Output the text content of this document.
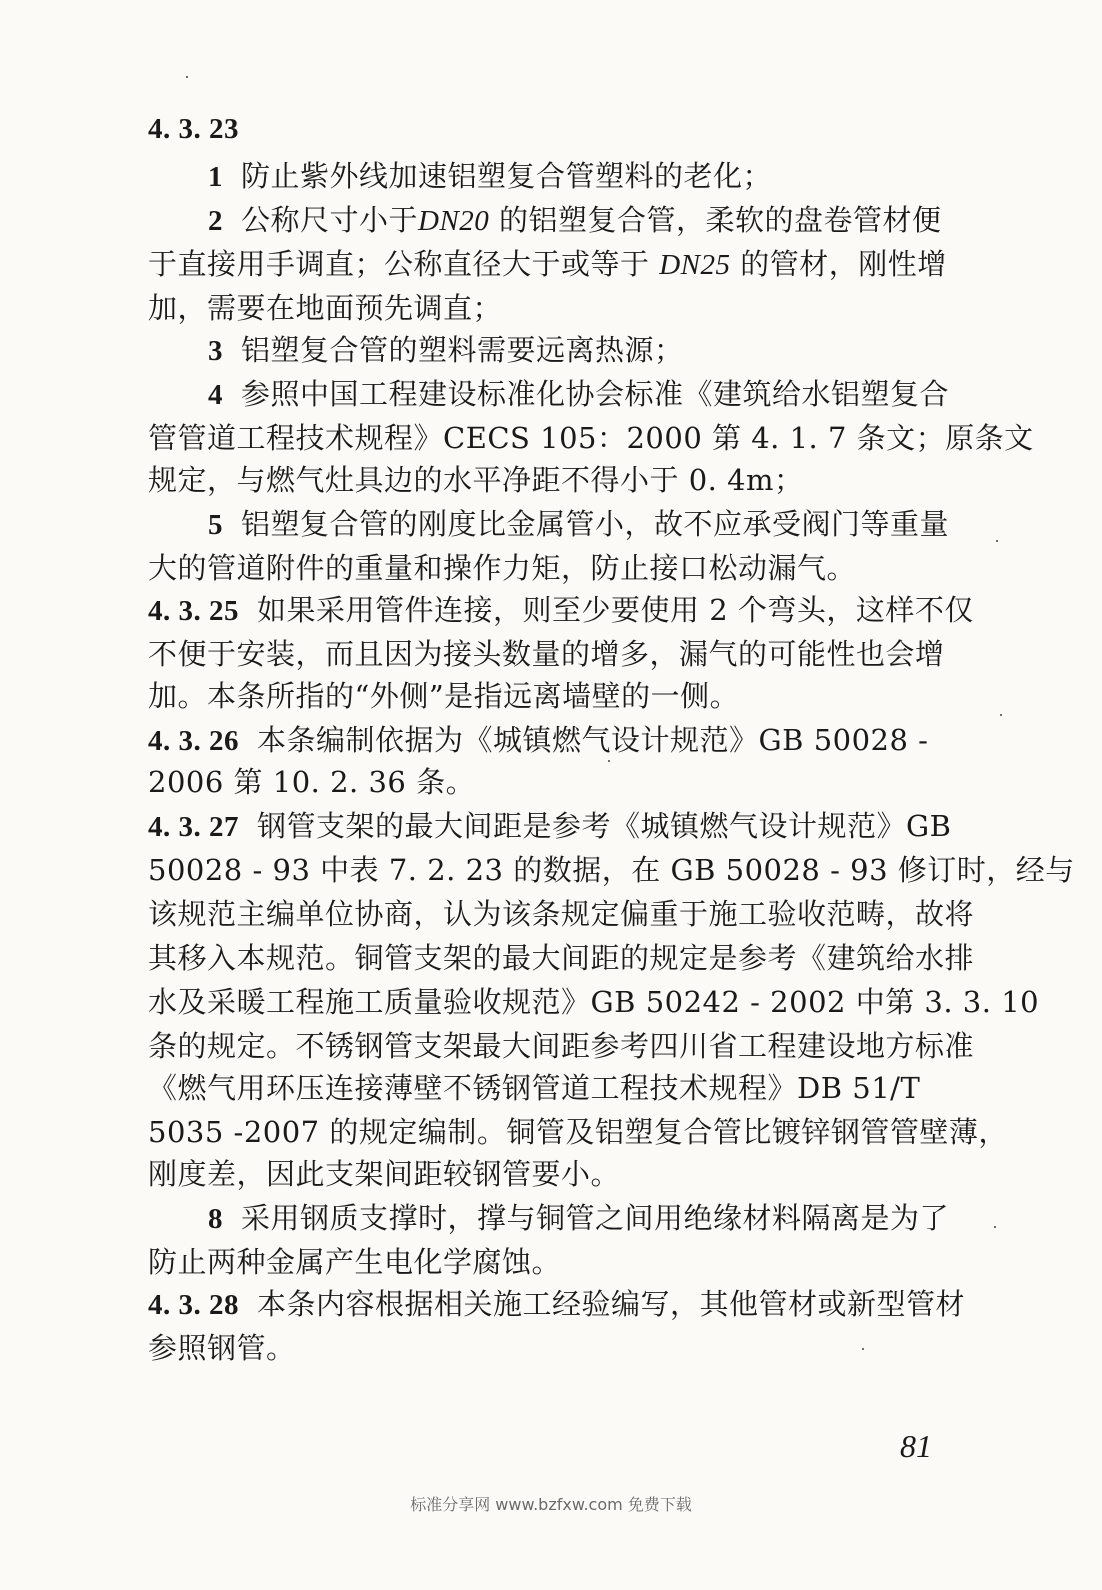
4. 3. 23
1 防止紫外线加速铝塑复合管塑料的老化；
2 公称尺寸小于DN20 的铝塑复合管，柔软的盘卷管材便
于直接用手调直；公称直径大于或等于 DN25 的管材，刚性增
加，需要在地面预先调直；
3 铝塑复合管的塑料需要远离热源；
4 参照中国工程建设标准化协会标准《建筑给水铝塑复合
管管道工程技术规程》CECS 105：2000 第 4. 1. 7 条文；原条文
规定，与燃气灶具边的水平净距不得小于 0. 4m；
5 铝塑复合管的刚度比金属管小，故不应承受阀门等重量
大的管道附件的重量和操作力矩，防止接口松动漏气。
4. 3. 25 如果采用管件连接，则至少要使用 2 个弯头，这样不仅
不便于安装，而且因为接头数量的增多，漏气的可能性也会增
加。本条所指的“外侧”是指远离墙壁的一侧。
4. 3. 26 本条编制依据为《城镇燃气设计规范》GB 50028 -
2006 第 10. 2. 36 条。
4. 3. 27 钢管支架的最大间距是参考《城镇燃气设计规范》GB
50028 - 93 中表 7. 2. 23 的数据，在 GB 50028 - 93 修订时，经与
该规范主编单位协商，认为该条规定偏重于施工验收范畴，故将
其移入本规范。铜管支架的最大间距的规定是参考《建筑给水排
水及采暖工程施工质量验收规范》GB 50242 - 2002 中第 3. 3. 10
条的规定。不锈钢管支架最大间距参考四川省工程建设地方标准
《燃气用环压连接薄壁不锈钢管道工程技术规程》DB 51/T
5035 -2007 的规定编制。铜管及铝塑复合管比镀锌钢管管壁薄，
刚度差，因此支架间距较钢管要小。
8 采用钢质支撑时，撑与铜管之间用绝缘材料隔离是为了
防止两种金属产生电化学腐蚀。
4. 3. 28 本条内容根据相关施工经验编写，其他管材或新型管材
参照钢管。
81
标准分享网 www.bzfxw.com 免费下载
